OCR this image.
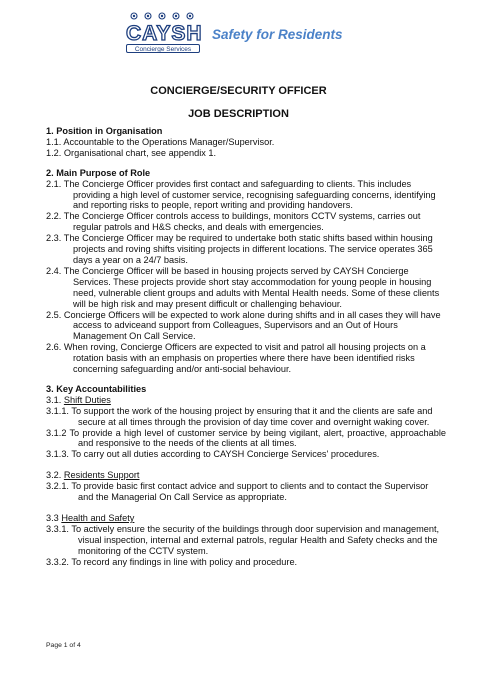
CAYSH
Concierge Services
Safety for Residents
CONCIERGE/SECURITY OFFICER
JOB DESCRIPTION

1. Position in Organisation

1.1. Accountable to the Operations Manager/Supervisor.

1.2. Organisational chart, see appendix 1.

2. Main Purpose of Role

2.1. The Concierge Officer provides first contact and safeguarding to clients. This includes providing a high level of customer service, recognising safeguarding concerns, identifying and reporting risks to people, report writing and providing handovers.

2.2. The Concierge Officer controls access to buildings, monitors CCTV systems, carries out regular patrols and H&S checks, and deals with emergencies.

2.3. The Concierge Officer may be required to undertake both static shifts based within housing projects and roving shifts visiting projects in different locations. The service operates 365 days a year on a 24/7 basis.

2.4. The Concierge Officer will be based in housing projects served by CAYSH Concierge Services. These projects provide short stay accommodation for young people in housing need, vulnerable client groups and adults with Mental Health needs. Some of these clients will be high risk and may present difficult or challenging behaviour.

2.5. Concierge Officers will be expected to work alone during shifts and in all cases they will have access to adviceand support from Colleagues, Supervisors and an Out of Hours Management On Call Service.

2.6. When roving, Concierge Officers are expected to visit and patrol all housing projects on a rotation basis with an emphasis on properties where there have been identified risks concerning safeguarding and/or anti-social behaviour.

3. Key Accountabilities

3.1. Shift Duties

3.1.1. To support the work of the housing project by ensuring that it and the clients are safe and secure at all times through the provision of day time cover and overnight waking cover.

3.1.2 To provide a high level of customer service by being vigilant, alert, proactive, approachable and responsive to the needs of the clients at all times.

3.1.3. To carry out all duties according to CAYSH Concierge Services' procedures.

3.2. Residents Support

3.2.1. To provide basic first contact advice and support to clients and to contact the Supervisor and the Managerial On Call Service as appropriate.

3.3 Health and Safety

3.3.1. To actively ensure the security of the buildings through door supervision and management, visual inspection, internal and external patrols, regular Health and Safety checks and the monitoring of the CCTV system.

3.3.2. To record any findings in line with policy and procedure.

Page 1 of 4
